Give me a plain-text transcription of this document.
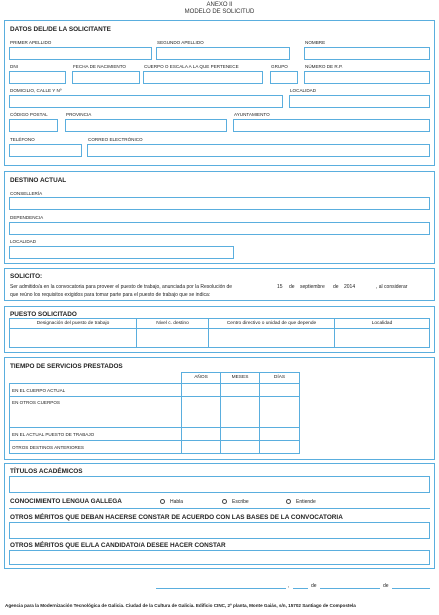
ANEXO II
MODELO DE SOLICITUD
DATOS DEL/DE LA SOLICITANTE
PRIMER APELLIDO	SEGUNDO APELLIDO	NOMBRE
DNI	FECHA DE NACIMIENTO	CUERPO O ESCALA A LA QUE PERTENECE	GRUPO	NÚMERO DE R.P.
DOMICILIO, CALLE Y Nº	LOCALIDAD
CÓDIGO POSTAL	PROVINCIA	AYUNTAMIENTO
TELÉFONO	CORREO ELECTRÓNICO
DESTINO ACTUAL
CONSELLERÍA
DEPENDENCIA
LOCALIDAD
SOLICITO:
Ser admitido/a en la convocatoria para proveer el puesto de trabajo, anunciada por la Resolución de	15 de septiembre de 2014	, al considerar
que reúno los requisitos exigidos para tomar parte para el puesto de trabajo que se indica:
PUESTO SOLICITADO
Designación del puesto de trabajo	Nivel c. destino	Centro directivo o unidad de que depende	Localidad
TIEMPO DE SERVICIOS PRESTADOS
AÑOS	MESES	DÍAS
EN EL CUERPO ACTUAL
EN OTROS CUERPOS
EN EL ACTUAL PUESTO DE TRABAJO
OTROS DESTINOS ANTERIORES
TÍTULOS ACADÉMICOS
CONOCIMIENTO LENGUA GALLEGA	Habla	Escribe	Entiende
OTROS MÉRITOS QUE DEBAN HACERSE CONSTAR DE ACUERDO CON LAS BASES DE LA CONVOCATORIA
OTROS MÉRITOS QUE EL/LA CANDIDATO/A DESEE HACER CONSTAR
,	de	de
Agencia para la Modernización Tecnológica de Galicia. Ciudad de la Cultura de Galicia. Edificio CINC, 2º planta, Monte Gaiás, s/n, 15702 Santiago de Compostela
